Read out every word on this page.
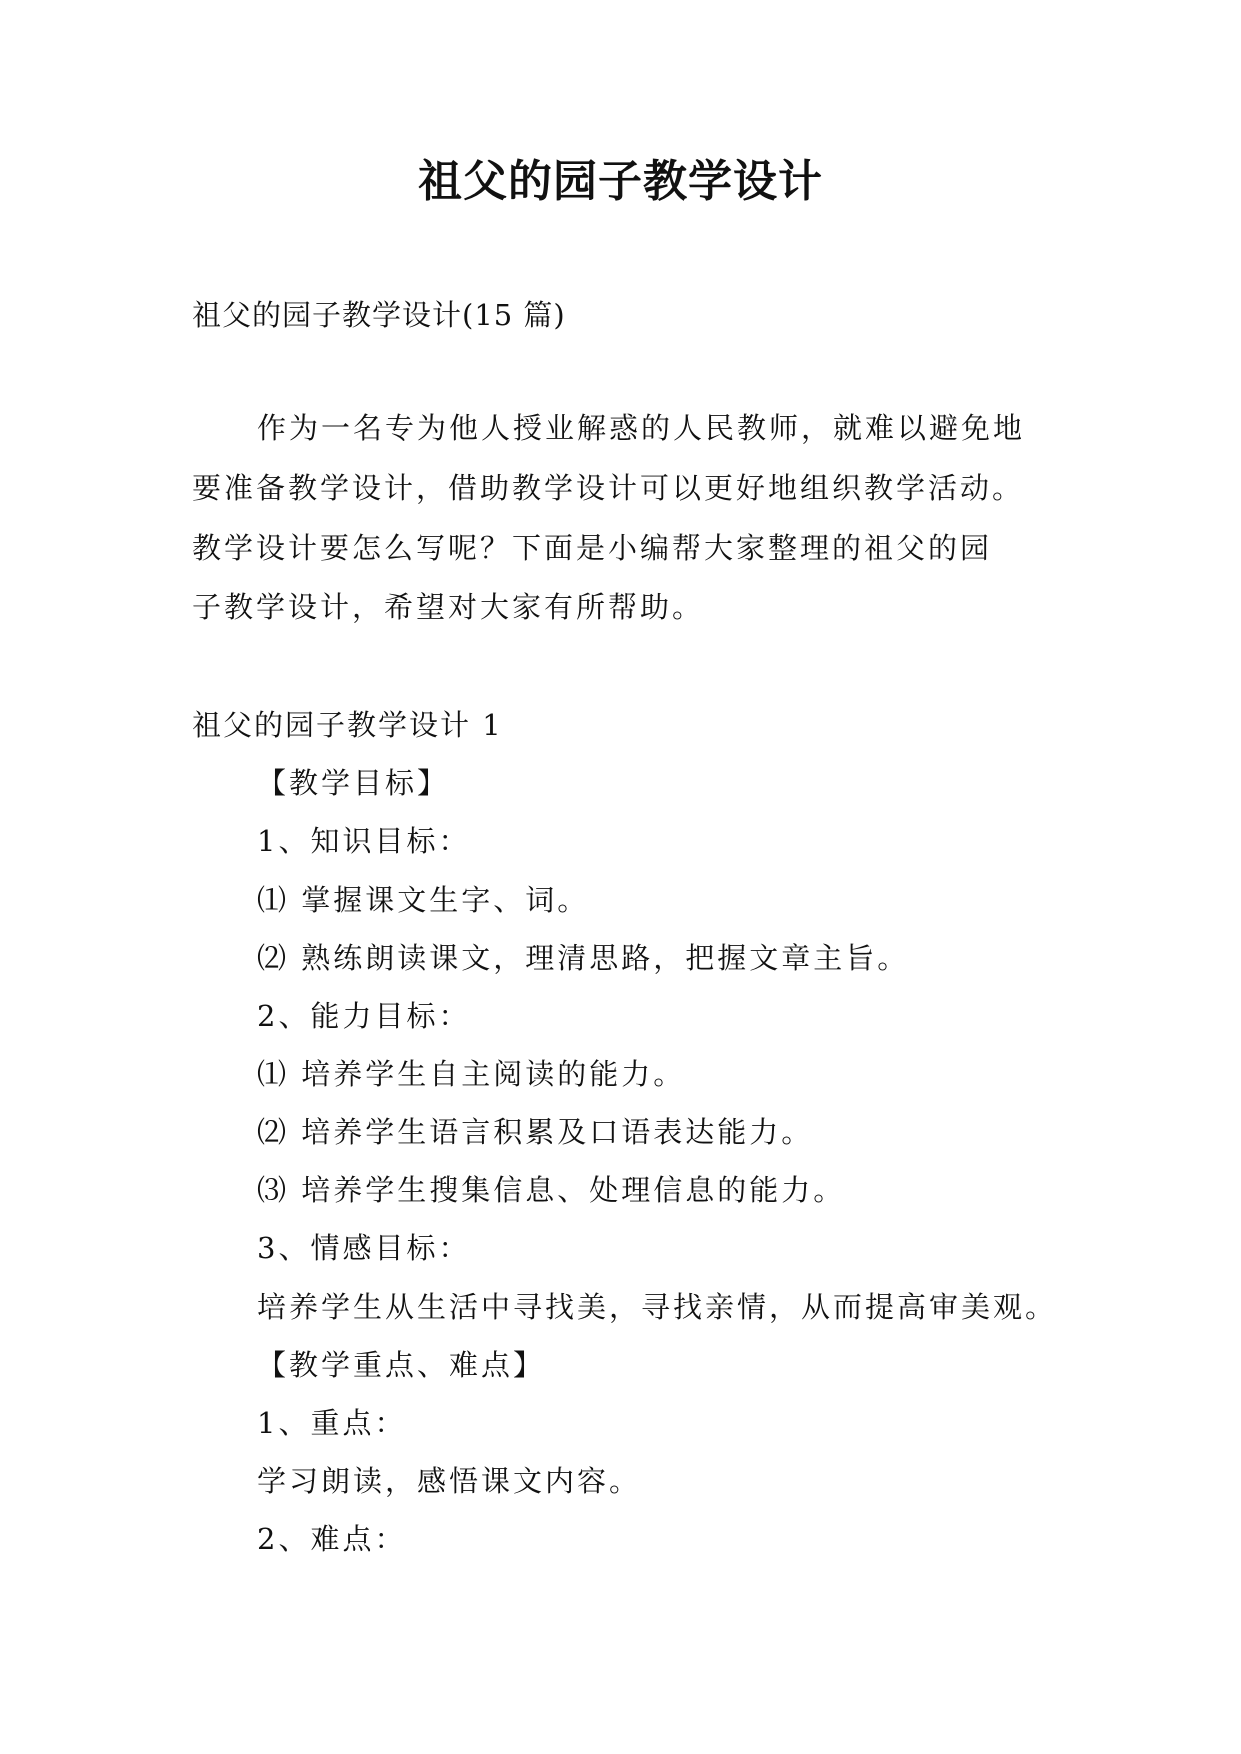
祖父的园子教学设计
祖父的园子教学设计(15 篇)
作为一名专为他人授业解惑的人民教师，就难以避免地
要准备教学设计，借助教学设计可以更好地组织教学活动。
教学设计要怎么写呢？下面是小编帮大家整理的祖父的园
子教学设计，希望对大家有所帮助。
祖父的园子教学设计 1
【教学目标】
1、知识目标：
⑴ 掌握课文生字、词。
⑵ 熟练朗读课文，理清思路，把握文章主旨。
2、能力目标：
⑴ 培养学生自主阅读的能力。
⑵ 培养学生语言积累及口语表达能力。
⑶ 培养学生搜集信息、处理信息的能力。
3、情感目标：
培养学生从生活中寻找美，寻找亲情，从而提高审美观。
【教学重点、难点】
1、重点：
学习朗读，感悟课文内容。
2、难点：
